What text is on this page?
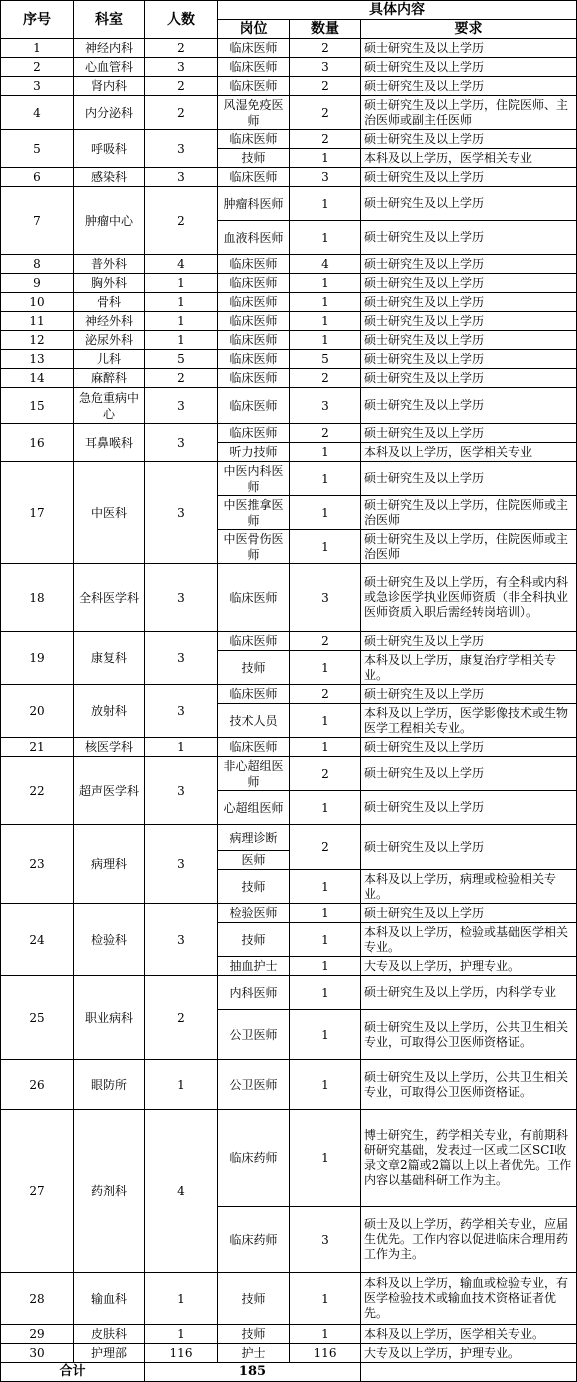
序号	科室	人数	具体内容		
			岗位	数量	要求
1	神经内科	2	临床医师	2	硕士研究生及以上学历
2	心血管科	3	临床医师	3	硕士研究生及以上学历
3	肾内科	2	临床医师	2	硕士研究生及以上学历
4	内分泌科	2	风湿免疫医师	2	硕士研究生及以上学历，住院医师、主治医师或副主任医师
5	呼吸科	3	临床医师	2	硕士研究生及以上学历
			技师	1	本科及以上学历，医学相关专业
6	感染科	3	临床医师	3	硕士研究生及以上学历
7	肿瘤中心	2	肿瘤科医师	1	硕士研究生及以上学历
			血液科医师	1	硕士研究生及以上学历
8	普外科	4	临床医师	4	硕士研究生及以上学历
9	胸外科	1	临床医师	1	硕士研究生及以上学历
10	骨科	1	临床医师	1	硕士研究生及以上学历
11	神经外科	1	临床医师	1	硕士研究生及以上学历
12	泌尿外科	1	临床医师	1	硕士研究生及以上学历
13	儿科	5	临床医师	5	硕士研究生及以上学历
14	麻醉科	2	临床医师	2	硕士研究生及以上学历
15	急危重病中心	3	临床医师	3	硕士研究生及以上学历
16	耳鼻喉科	3	临床医师	2	硕士研究生及以上学历
			听力技师	1	本科及以上学历，医学相关专业
17	中医科	3	中医内科医师	1	硕士研究生及以上学历
			中医推拿医师	1	硕士研究生及以上学历，住院医师或主治医师
			中医骨伤医师	1	硕士研究生及以上学历，住院医师或主治医师
18	全科医学科	3	临床医师	3	硕士研究生及以上学历，有全科或内科或急诊医学执业医师资质（非全科执业医师资质入职后需经转岗培训）。
19	康复科	3	临床医师	2	硕士研究生及以上学历
			技师	1	本科及以上学历，康复治疗学相关专业。
20	放射科	3	临床医师	2	硕士研究生及以上学历
			技术人员	1	本科及以上学历，医学影像技术或生物医学工程相关专业。
21	核医学科	1	临床医师	1	硕士研究生及以上学历
22	超声医学科	3	非心超组医师	2	硕士研究生及以上学历
			心超组医师	1	硕士研究生及以上学历
23	病理科	3	病理诊断	2	硕士研究生及以上学历
			医师		
			技师	1	本科及以上学历，病理或检验相关专业。
24	检验科	3	检验医师	1	硕士研究生及以上学历
			技师	1	本科及以上学历，检验或基础医学相关专业。
			抽血护士	1	大专及以上学历，护理专业。
25	职业病科	2	内科医师	1	硕士研究生及以上学历，内科学专业
			公卫医师	1	硕士研究生及以上学历，公共卫生相关专业，可取得公卫医师资格证。
26	眼防所	1	公卫医师	1	硕士研究生及以上学历，公共卫生相关专业，可取得公卫医师资格证。
27	药剂科	4	临床药师	1	博士研究生，药学相关专业，有前期科研研究基础，发表过一区或二区SCI收录文章2篇或2篇以上以上者优先。工作内容以基础科研工作为主。
			临床药师	3	硕士及以上学历，药学相关专业，应届生优先。工作内容以促进临床合理用药工作为主。
28	输血科	1	技师	1	本科及以上学历，输血或检验专业，有医学检验技术或输血技术资格证者优先。
29	皮肤科	1	技师	1	本科及以上学历，医学相关专业。
30	护理部	116	护士	116	大专及以上学历，护理专业。
合计		185			
